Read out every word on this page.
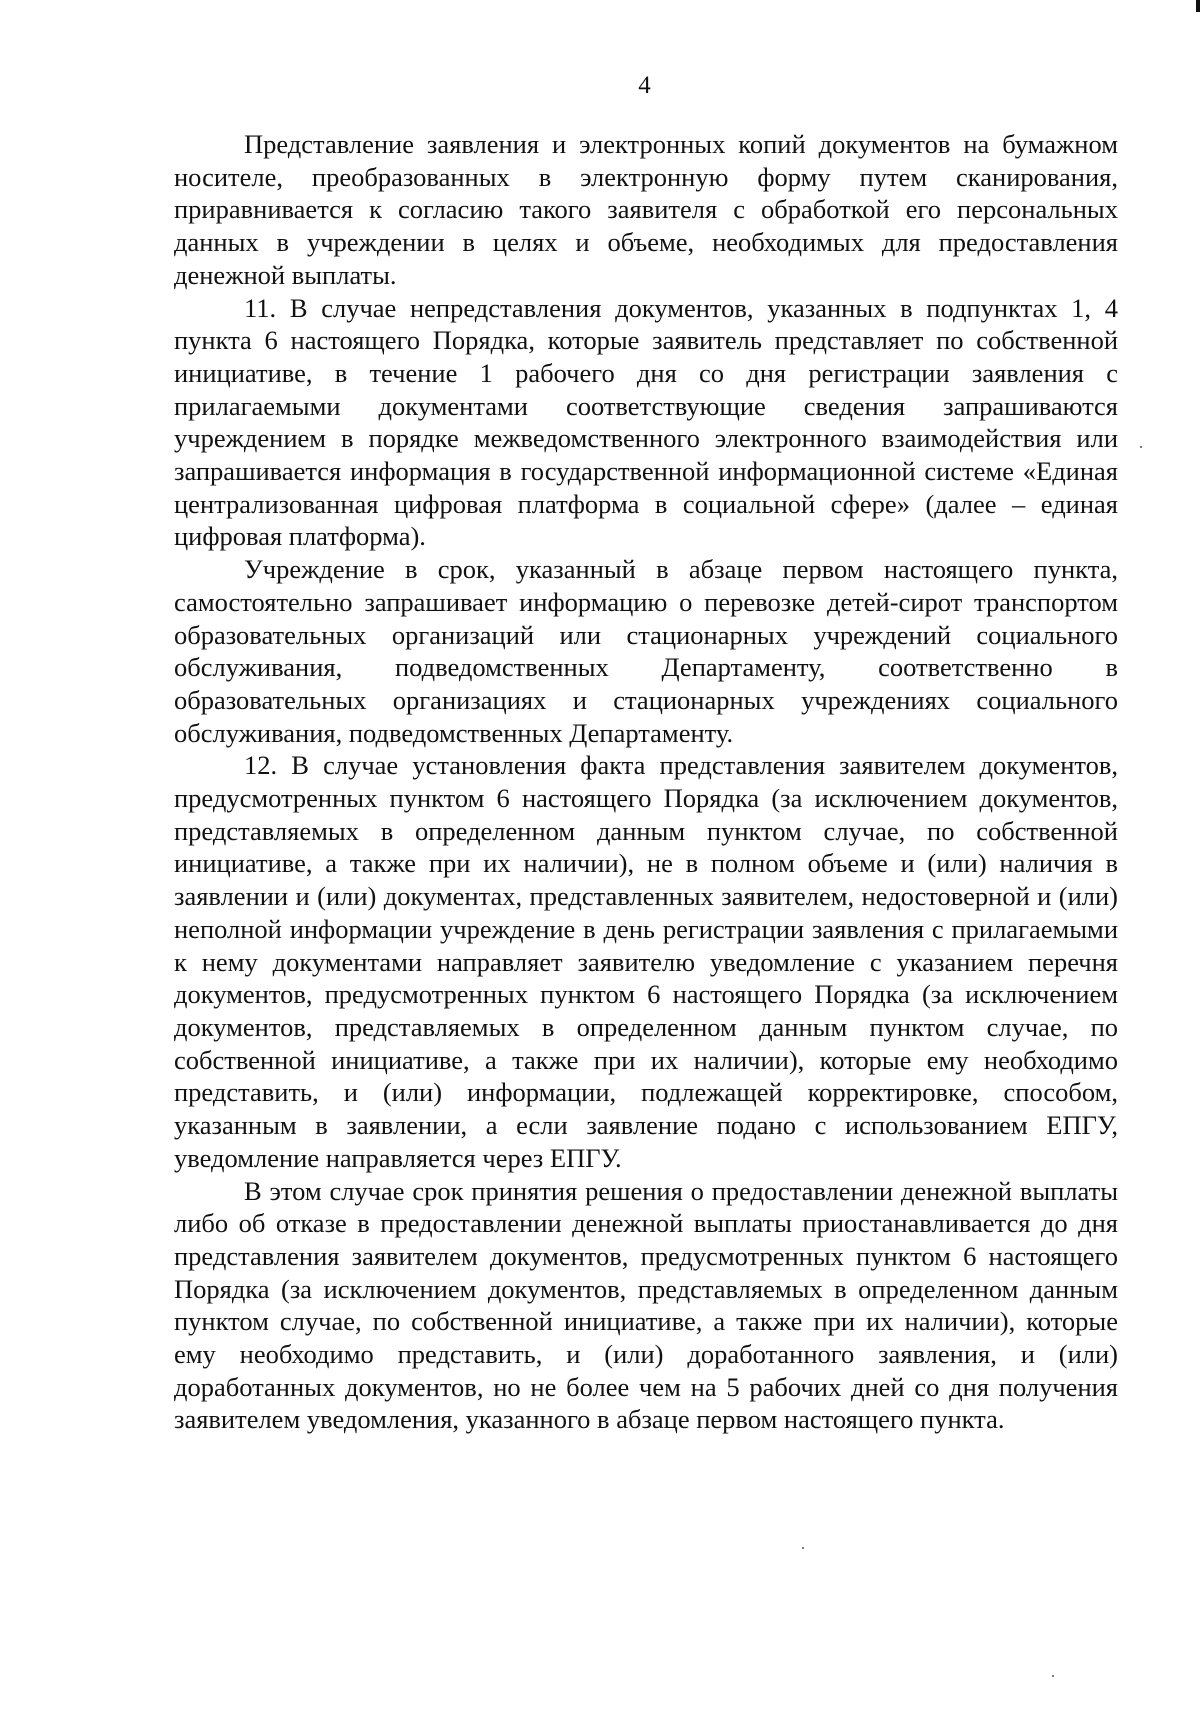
4

Представление заявления и электронных копий документов на бумажном носителе, преобразованных в электронную форму путем сканирования, приравнивается к согласию такого заявителя с обработкой его персональных данных в учреждении в целях и объеме, необходимых для предоставления денежной выплаты.

11. В случае непредставления документов, указанных в подпунктах 1, 4 пункта 6 настоящего Порядка, которые заявитель представляет по собственной инициативе, в течение 1 рабочего дня со дня регистрации заявления с прилагаемыми документами соответствующие сведения запрашиваются учреждением в порядке межведомственного электронного взаимодействия или запрашивается информация в государственной информационной системе «Единая централизованная цифровая платформа в социальной сфере» (далее – единая цифровая платформа).

Учреждение в срок, указанный в абзаце первом настоящего пункта, самостоятельно запрашивает информацию о перевозке детей-сирот транспортом образовательных организаций или стационарных учреждений социального обслуживания, подведомственных Департаменту, соответственно в образовательных организациях и стационарных учреждениях социального обслуживания, подведомственных Департаменту.

12. В случае установления факта представления заявителем документов, предусмотренных пунктом 6 настоящего Порядка (за исключением документов, представляемых в определенном данным пунктом случае, по собственной инициативе, а также при их наличии), не в полном объеме и (или) наличия в заявлении и (или) документах, представленных заявителем, недостоверной и (или) неполной информации учреждение в день регистрации заявления с прилагаемыми к нему документами направляет заявителю уведомление с указанием перечня документов, предусмотренных пунктом 6 настоящего Порядка (за исключением документов, представляемых в определенном данным пунктом случае, по собственной инициативе, а также при их наличии), которые ему необходимо представить, и (или) информации, подлежащей корректировке, способом, указанным в заявлении, а если заявление подано с использованием ЕПГУ, уведомление направляется через ЕПГУ.

В этом случае срок принятия решения о предоставлении денежной выплаты либо об отказе в предоставлении денежной выплаты приостанавливается до дня представления заявителем документов, предусмотренных пунктом 6 настоящего Порядка (за исключением документов, представляемых в определенном данным пунктом случае, по собственной инициативе, а также при их наличии), которые ему необходимо представить, и (или) доработанного заявления, и (или) доработанных документов, но не более чем на 5 рабочих дней со дня получения заявителем уведомления, указанного в абзаце первом настоящего пункта.
